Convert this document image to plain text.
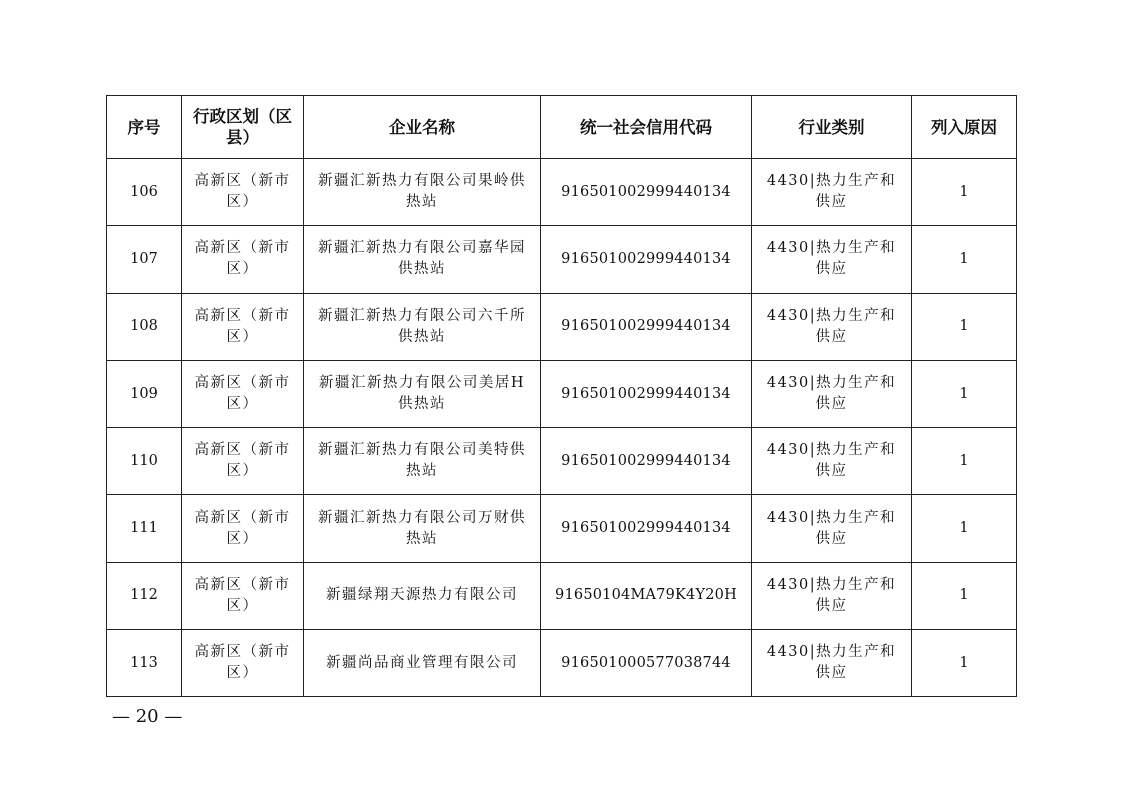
序号	行政区划（区县）	企业名称	统一社会信用代码	行业类别	列入原因
106	高新区（新市区）	新疆汇新热力有限公司果岭供热站	916501002999440134	4430|热力生产和供应	1
107	高新区（新市区）	新疆汇新热力有限公司嘉华园供热站	916501002999440134	4430|热力生产和供应	1
108	高新区（新市区）	新疆汇新热力有限公司六千所供热站	916501002999440134	4430|热力生产和供应	1
109	高新区（新市区）	新疆汇新热力有限公司美居H供热站	916501002999440134	4430|热力生产和供应	1
110	高新区（新市区）	新疆汇新热力有限公司美特供热站	916501002999440134	4430|热力生产和供应	1
111	高新区（新市区）	新疆汇新热力有限公司万财供热站	916501002999440134	4430|热力生产和供应	1
112	高新区（新市区）	新疆绿翔天源热力有限公司	91650104MA79K4Y20H	4430|热力生产和供应	1
113	高新区（新市区）	新疆尚品商业管理有限公司	916501000577038744	4430|热力生产和供应	1
— 20 —
